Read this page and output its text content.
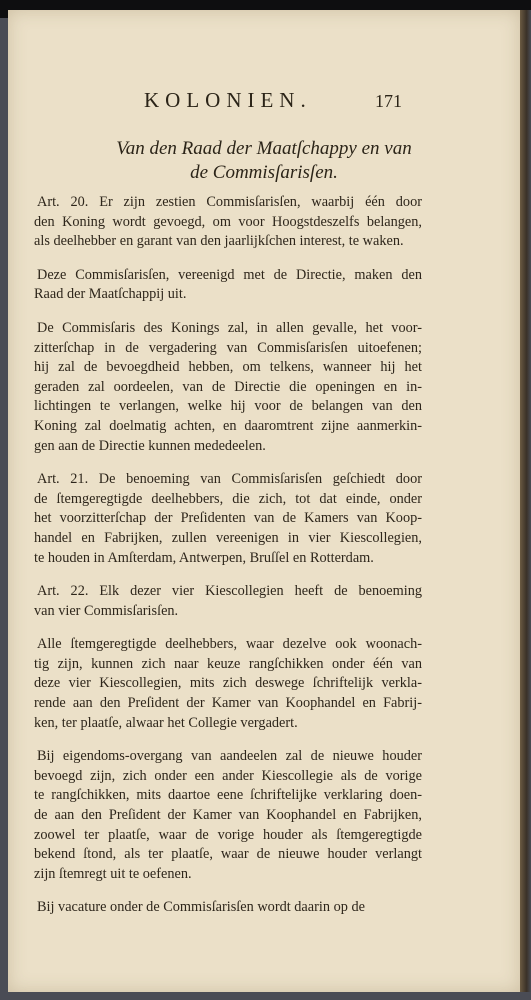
KOLONIEN.	171
Van den Raad der Maatſchappy en van
de Commisſarisſen.
Art. 20. Er zijn zestien Commisſarisſen, waarbij één door
den Koning wordt gevoegd, om voor Hoogstdeszelfs belangen,
als deelhebber en garant van den jaarlijkſchen interest, te waken.
Deze Commisſarisſen, vereenigd met de Directie, maken den
Raad der Maatſchappij uit.
De Commisſaris des Konings zal, in allen gevalle, het voor-
zitterſchap in de vergadering van Commisſarisſen uitoefenen;
hij zal de bevoegdheid hebben, om telkens, wanneer hij het
geraden zal oordeelen, van de Directie die openingen en in-
lichtingen te verlangen, welke hij voor de belangen van den
Koning zal doelmatig achten, en daaromtrent zijne aanmerkin-
gen aan de Directie kunnen mededeelen.
Art. 21. De benoeming van Commisſarisſen geſchiedt door
de ſtemgeregtigde deelhebbers, die zich, tot dat einde, onder
het voorzitterſchap der Preſidenten van de Kamers van Koop-
handel en Fabrijken, zullen vereenigen in vier Kiescollegien,
te houden in Amſterdam, Antwerpen, Bruſſel en Rotterdam.
Art. 22. Elk dezer vier Kiescollegien heeft de benoeming
van vier Commisſarisſen.
Alle ſtemgeregtigde deelhebbers, waar dezelve ook woonach-
tig zijn, kunnen zich naar keuze rangſchikken onder één van
deze vier Kiescollegien, mits zich deswege ſchriftelijk verkla-
rende aan den Preſident der Kamer van Koophandel en Fabrij-
ken, ter plaatſe, alwaar het Collegie vergadert.
Bij eigendoms-overgang van aandeelen zal de nieuwe houder
bevoegd zijn, zich onder een ander Kiescollegie als de vorige
te rangſchikken, mits daartoe eene ſchriftelijke verklaring doen-
de aan den Preſident der Kamer van Koophandel en Fabrijken,
zoowel ter plaatſe, waar de vorige houder als ſtemgeregtigde
bekend ſtond, als ter plaatſe, waar de nieuwe houder verlangt
zijn ſtemregt uit te oefenen.
Bij vacature onder de Commisſarisſen wordt daarin op de
